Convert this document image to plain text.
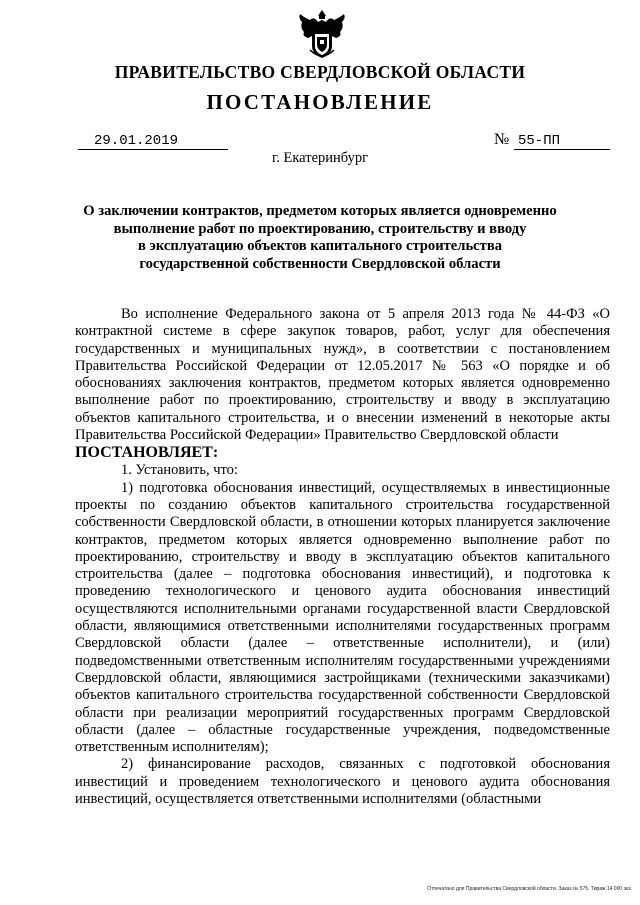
ПРАВИТЕЛЬСТВО СВЕРДЛОВСКОЙ ОБЛАСТИ
ПОСТАНОВЛЕНИЕ
29.01.2019	№ 55-ПП
г. Екатеринбург
О заключении контрактов, предметом которых является одновременно
выполнение работ по проектированию, строительству и вводу
в эксплуатацию объектов капитального строительства
государственной собственности Свердловской области

Во исполнение Федерального закона от 5 апреля 2013 года № 44-ФЗ «О контрактной системе в сфере закупок товаров, работ, услуг для обеспечения государственных и муниципальных нужд», в соответствии с постановлением Правительства Российской Федерации от 12.05.2017 № 563 «О порядке и об обоснованиях заключения контрактов, предметом которых является одновременно выполнение работ по проектированию, строительству и вводу в эксплуатацию объектов капитального строительства, и о внесении изменений в некоторые акты Правительства Российской Федерации» Правительство Свердловской области

ПОСТАНОВЛЯЕТ:

1. Установить, что:

1) подготовка обоснования инвестиций, осуществляемых в инвестиционные проекты по созданию объектов капитального строительства государственной собственности Свердловской области, в отношении которых планируется заключение контрактов, предметом которых является одновременно выполнение работ по проектированию, строительству и вводу в эксплуатацию объектов капитального строительства (далее – подготовка обоснования инвестиций), и подготовка к проведению технологического и ценового аудита обоснования инвестиций осуществляются исполнительными органами государственной власти Свердловской области, являющимися ответственными исполнителями государственных программ Свердловской области (далее – ответственные исполнители), и (или) подведомственными ответственным исполнителям государственными учреждениями Свердловской области, являющимися застройщиками (техническими заказчиками) объектов капитального строительства государственной собственности Свердловской области при реализации мероприятий государственных программ Свердловской области (далее – областные государственные учреждения, подведомственные ответственным исполнителям);

2) финансирование расходов, связанных с подготовкой обоснования инвестиций и проведением технологического и ценового аудита обоснования инвестиций, осуществляется ответственными исполнителями (областными

Отпечатано для Правительства Свердловской области. Заказ № 575. Тираж 14 000 экз.
